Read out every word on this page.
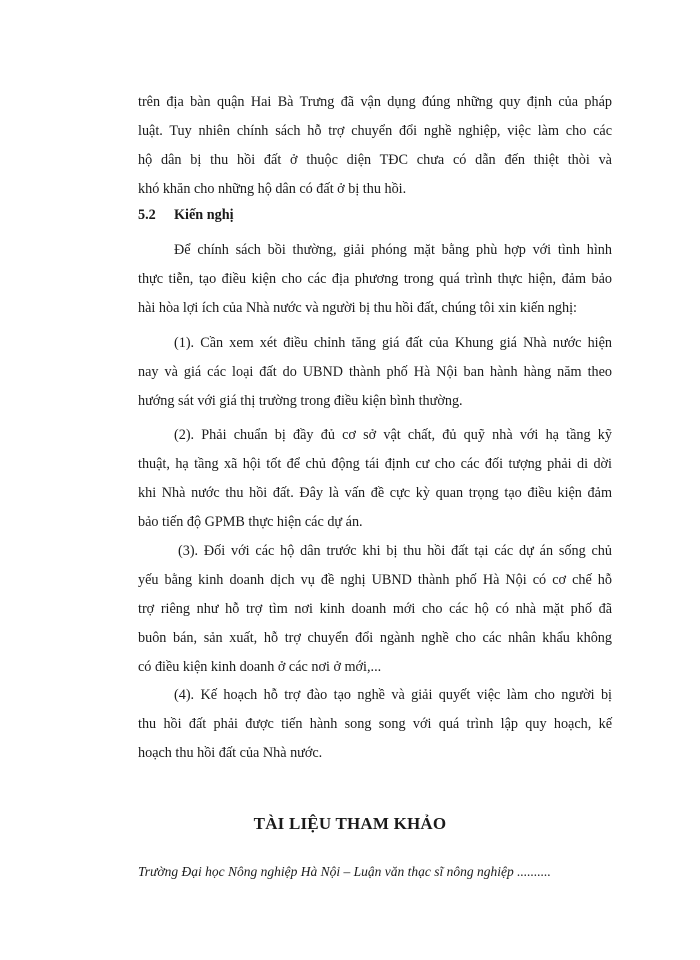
trên địa bàn quận Hai Bà Trưng đã vận dụng đúng những quy định của pháp
luật. Tuy nhiên chính sách hỗ trợ chuyển đổi nghề nghiệp, việc làm cho các
hộ dân bị thu hồi đất ở thuộc diện TĐC chưa có dẫn đến thiệt thòi và
khó khăn cho những hộ dân có đất ở bị thu hồi.

5.2 Kiến nghị

Để chính sách bồi thường, giải phóng mặt bằng phù hợp với tình hình
thực tiễn, tạo điều kiện cho các địa phương trong quá trình thực hiện, đảm bảo
hài hòa lợi ích của Nhà nước và người bị thu hồi đất, chúng tôi xin kiến nghị:

(1). Cần xem xét điều chỉnh tăng giá đất của Khung giá Nhà nước hiện
nay và giá các loại đất do UBND thành phố Hà Nội ban hành hàng năm theo
hướng sát với giá thị trường trong điều kiện bình thường.

(2). Phải chuẩn bị đầy đủ cơ sở vật chất, đủ quỹ nhà với hạ tầng kỹ
thuật, hạ tầng xã hội tốt để chủ động tái định cư cho các đối tượng phải di dời
khi Nhà nước thu hồi đất. Đây là vấn đề cực kỳ quan trọng tạo điều kiện đảm
bảo tiến độ GPMB thực hiện các dự án.

(3). Đối với các hộ dân trước khi bị thu hồi đất tại các dự án sống chủ
yếu bằng kinh doanh dịch vụ đề nghị UBND thành phố Hà Nội có cơ chế hỗ
trợ riêng như hỗ trợ tìm nơi kinh doanh mới cho các hộ có nhà mặt phố đã
buôn bán, sản xuất, hỗ trợ chuyển đổi ngành nghề cho các nhân khẩu không
có điều kiện kinh doanh ở các nơi ở mới,...

(4). Kế hoạch hỗ trợ đào tạo nghề và giải quyết việc làm cho người bị
thu hồi đất phải được tiến hành song song với quá trình lập quy hoạch, kế
hoạch thu hồi đất của Nhà nước.

TÀI LIỆU THAM KHẢO

Trường Đại học Nông nghiệp Hà Nội – Luận văn thạc sĩ nông nghiệp ..........
